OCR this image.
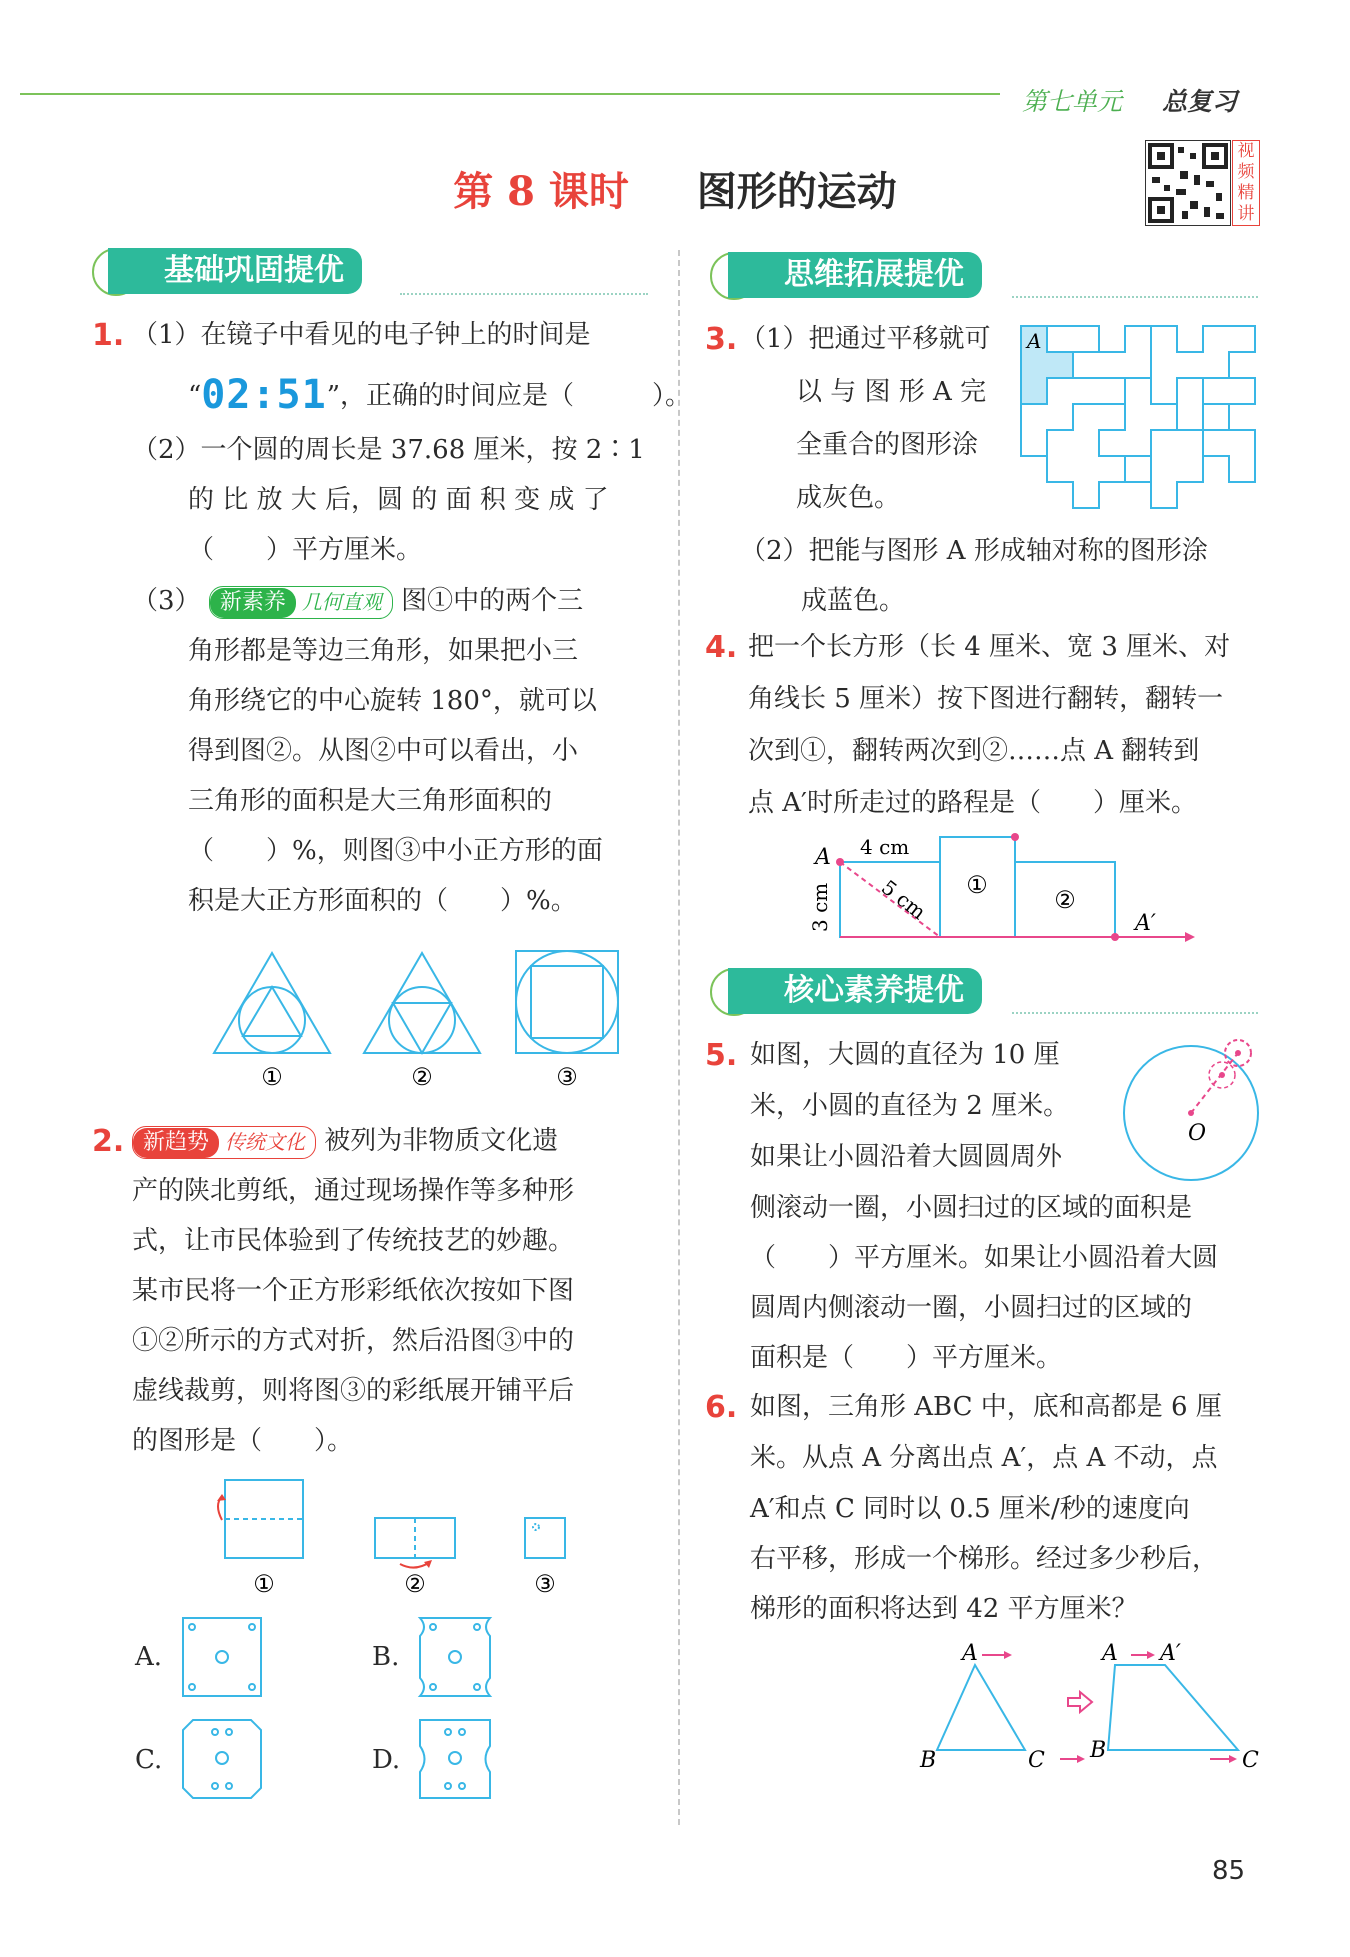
第七单元 总复习
第 8 课时 图形的运动
视频精讲
基础巩固提优	思维拓展提优
核心素养提优
1. （1）在镜子中看见的电子钟上的时间是
“02:51”，正确的时间应是（　　　）。
（2）一个圆的周长是 37.68 厘米，按 2∶1
的 比 放 大 后，圆 的 面 积 变 成 了
（　　）平方厘米。
（3） 新素养 几何直观 图①中的两个三
角形都是等边三角形，如果把小三
角形绕它的中心旋转 180°，就可以
得到图②。从图②中可以看出，小
三角形的面积是大三角形面积的
（　　）%，则图③中小正方形的面
积是大正方形面积的（　　）%。
①	②	③
2. 新趋势 传统文化 被列为非物质文化遗
产的陕北剪纸，通过现场操作等多种形
式，让市民体验到了传统技艺的妙趣。
某市民将一个正方形彩纸依次按如下图
①②所示的方式对折，然后沿图③中的
虚线裁剪，则将图③的彩纸展开铺平后
的图形是（　　）。
①	②	③
A.	B.
C.	D.
3. （1）把通过平移就可
以 与 图 形 A 完
全重合的图形涂
成灰色。
A
（2）把能与图形 A 形成轴对称的图形涂
成蓝色。
4. 把一个长方形（长 4 厘米、宽 3 厘米、对
角线长 5 厘米）按下图进行翻转，翻转一
次到①，翻转两次到②……点 A 翻转到
点 A′时所走过的路程是（　　）厘米。
A
A′
4 cm
3 cm 5 cm ①
②
5. 如图，大圆的直径为 10 厘
米，小圆的直径为 2 厘米。
如果让小圆沿着大圆圆周外
侧滚动一圈，小圆扫过的区域的面积是
（　　）平方厘米。如果让小圆沿着大圆
圆周内侧滚动一圈，小圆扫过的区域的
面积是（　　）平方厘米。
O
6. 如图，三角形 ABC 中，底和高都是 6 厘
米。从点 A 分离出点 A′，点 A 不动，点
A′和点 C 同时以 0.5 厘米/秒的速度向
右平移，形成一个梯形。经过多少秒后，
梯形的面积将达到 42 平方厘米？
A
B	C
A A′
B	C
85
